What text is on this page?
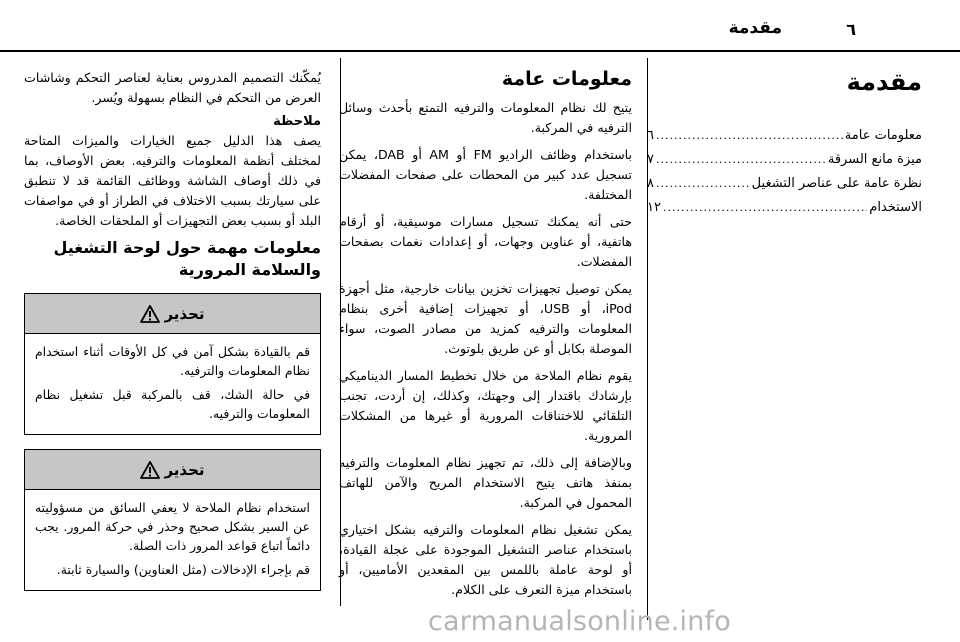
٦
مقدمة
مقدمة
معلومات عامة
.....
٦
ميزة مانع السرقة
.....
٧
نظرة عامة على عناصر التشغيل
.....
٨
الاستخدام
.....
١٢
معلومات عامة

يتيح لك نظام المعلومات والترفيه التمتع بأحدث وسائل الترفيه في المركبة.

باستخدام وظائف الراديو FM أو AM أو DAB، يمكن تسجيل عدد كبير من المحطات على صفحات المفضلات المختلفة.

حتى أنه يمكنك تسجيل مسارات موسيقية، أو أرقام هاتفية، أو عناوين وجهات، أو إعدادات نغمات بصفحات المفضلات.

يمكن توصيل تجهيزات تخزين بيانات خارجية، مثل أجهزة iPod، أو USB، أو تجهيزات إضافية أخرى بنظام المعلومات والترفيه كمزيد من مصادر الصوت، سواء الموصلة بكابل أو عن طريق بلوتوث.

يقوم نظام الملاحة من خلال تخطيط المسار الديناميكي بإرشادك باقتدار إلى وجهتك، وكذلك، إن أردت، تجنب التلقائي للاختناقات المرورية أو غيرها من المشكلات المرورية.

وبالإضافة إلى ذلك، تم تجهيز نظام المعلومات والترفيه بمنفذ هاتف يتيح الاستخدام المريح والآمن للهاتف المحمول في المركبة.

يمكن تشغيل نظام المعلومات والترفيه بشكل اختياري باستخدام عناصر التشغيل الموجودة على عجلة القيادة، أو لوحة عاملة باللمس بين المقعدين الأماميين، أو باستخدام ميزة التعرف على الكلام.

يُمكّنك التصميم المدروس بعناية لعناصر التحكم وشاشات العرض من التحكم في النظام بسهولة ويُسر.

ملاحظة

يصف هذا الدليل جميع الخيارات والميزات المتاحة لمختلف أنظمة المعلومات والترفيه. بعض الأوصاف، بما في ذلك أوصاف الشاشة ووظائف القائمة قد لا تنطبق على سيارتك بسبب الاختلاف في الطراز أو في مواصفات البلد أو بسبب بعض التجهيزات أو الملحقات الخاصة.

معلومات مهمة حول لوحة التشغيل والسلامة المرورية
تحذير

قم بالقيادة بشكل آمن في كل الأوقات أثناء استخدام نظام المعلومات والترفيه.

في حالة الشك، قف بالمركبة قبل تشغيل نظام المعلومات والترفيه.

تحذير

استخدام نظام الملاحة لا يعفي السائق من مسؤوليته عن السير بشكل صحيح وحذر في حركة المرور. يجب دائماً اتباع قواعد المرور ذات الصلة.

قم بإجراء الإدخالات (مثل العناوين) والسيارة ثابتة.

carmanualsonline.info
